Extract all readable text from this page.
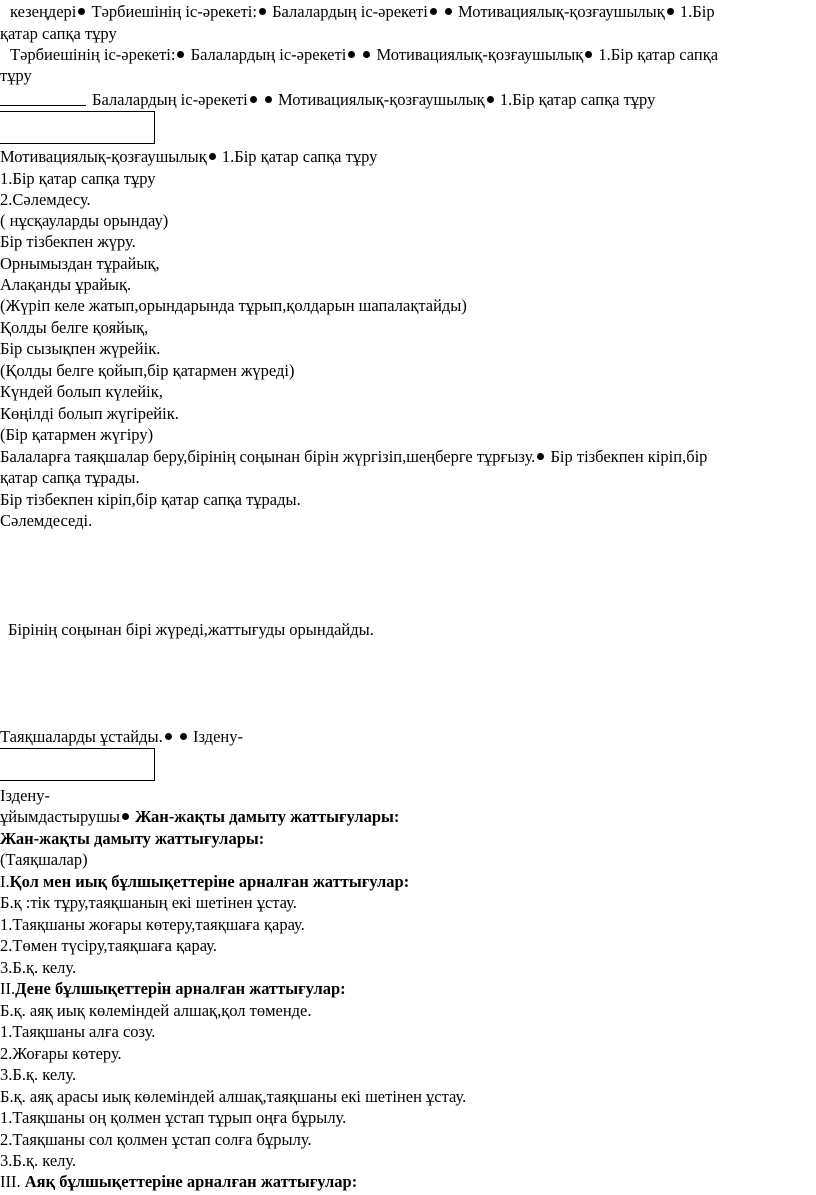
кезеңдері Тәрбиешінің іс-әрекеті: Балалардың іс-әрекеті Мотивациялық-қозғаушылық 1.Бір
қатар сапқа тұру
Тәрбиешінің іс-әрекеті: Балалардың іс-әрекеті Мотивациялық-қозғаушылық 1.Бір қатар сапқа
тұру
Балалардың іс-әрекеті Мотивациялық-қозғаушылық 1.Бір қатар сапқа тұру
Мотивациялық-қозғаушылық 1.Бір қатар сапқа тұру
1.Бір қатар сапқа тұру
2.Сәлемдесу.
( нұсқауларды орындау)
Бір тізбекпен жүру.
Орнымыздан тұрайық,
Алақанды ұрайық.
(Жүріп келе жатып,орындарында тұрып,қолдарын шапалақтайды)
Қолды белге қояйық,
Бір сызықпен жүрейік.
(Қолды белге қойып,бір қатармен жүреді)
Күндей болып күлейік,
Көңілді болып жүгірейік.
(Бір қатармен жүгіру)
Балаларға таяқшалар беру,бірінің соңынан бірін жүргізіп,шеңберге тұрғызу. Бір тізбекпен кіріп,бір
қатар сапқа тұрады.
Бір тізбекпен кіріп,бір қатар сапқа тұрады.
Сәлемдеседі.
Бірінің соңынан бірі жүреді,жаттығуды орындайды.
Таяқшаларды ұстайды. Іздену-
Іздену-
ұйымдастырушы Жан-жақты дамыту жаттығулары:
Жан-жақты дамыту жаттығулары:
(Таяқшалар)
I.Қол мен иық бұлшықеттеріне арналған жаттығулар:
Б.қ :тік тұру,таяқшаның екі шетінен ұстау.
1.Таяқшаны жоғары көтеру,таяқшаға қарау.
2.Төмен түсіру,таяқшаға қарау.
3.Б.қ. келу.
II.Дене бұлшықеттерін арналған жаттығулар:
Б.қ. аяқ иық көлеміндей алшақ,қол төменде.
1.Таяқшаны алға созу.
2.Жоғары көтеру.
3.Б.қ. келу.
Б.қ. аяқ арасы иық көлеміндей алшақ,таяқшаны екі шетінен ұстау.
1.Таяқшаны оң қолмен ұстап тұрып оңға бұрылу.
2.Таяқшаны сол қолмен ұстап солға бұрылу.
3.Б.қ. келу.
III. Аяқ бұлшықеттеріне арналған жаттығулар:
